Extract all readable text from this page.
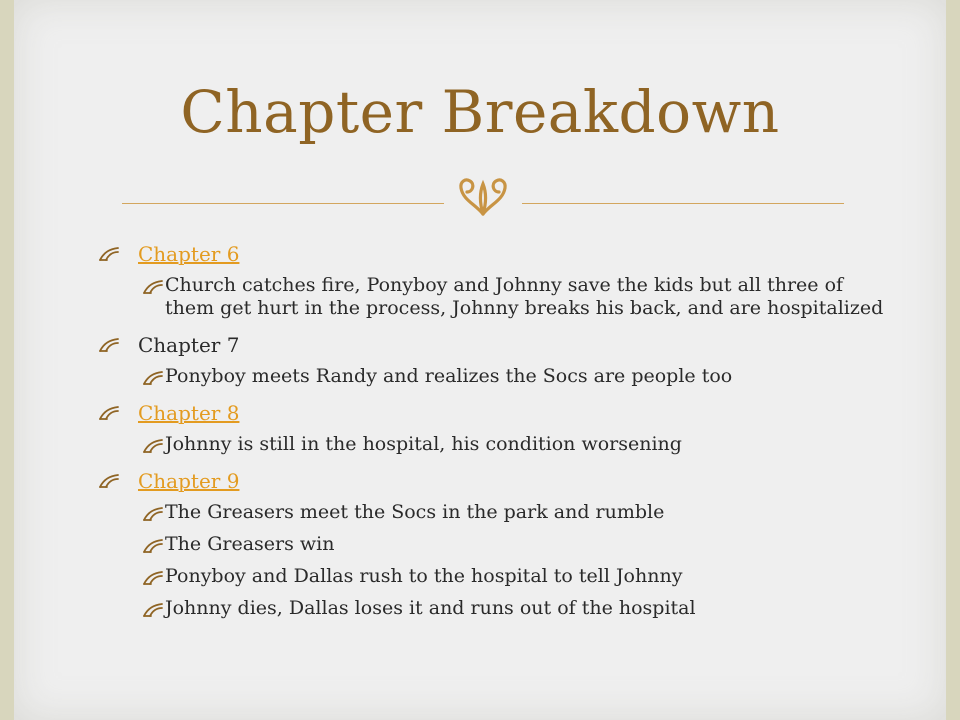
Chapter Breakdown
Chapter 6
Church catches fire, Ponyboy and Johnny save the kids but all three of them get hurt in the process, Johnny breaks his back, and are hospitalized
Chapter 7
Ponyboy meets Randy and realizes the Socs are people too
Chapter 8
Johnny is still in the hospital, his condition worsening
Chapter 9
The Greasers meet the Socs in the park and rumble
The Greasers win
Ponyboy and Dallas rush to the hospital to tell Johnny
Johnny dies, Dallas loses it and runs out of the hospital
